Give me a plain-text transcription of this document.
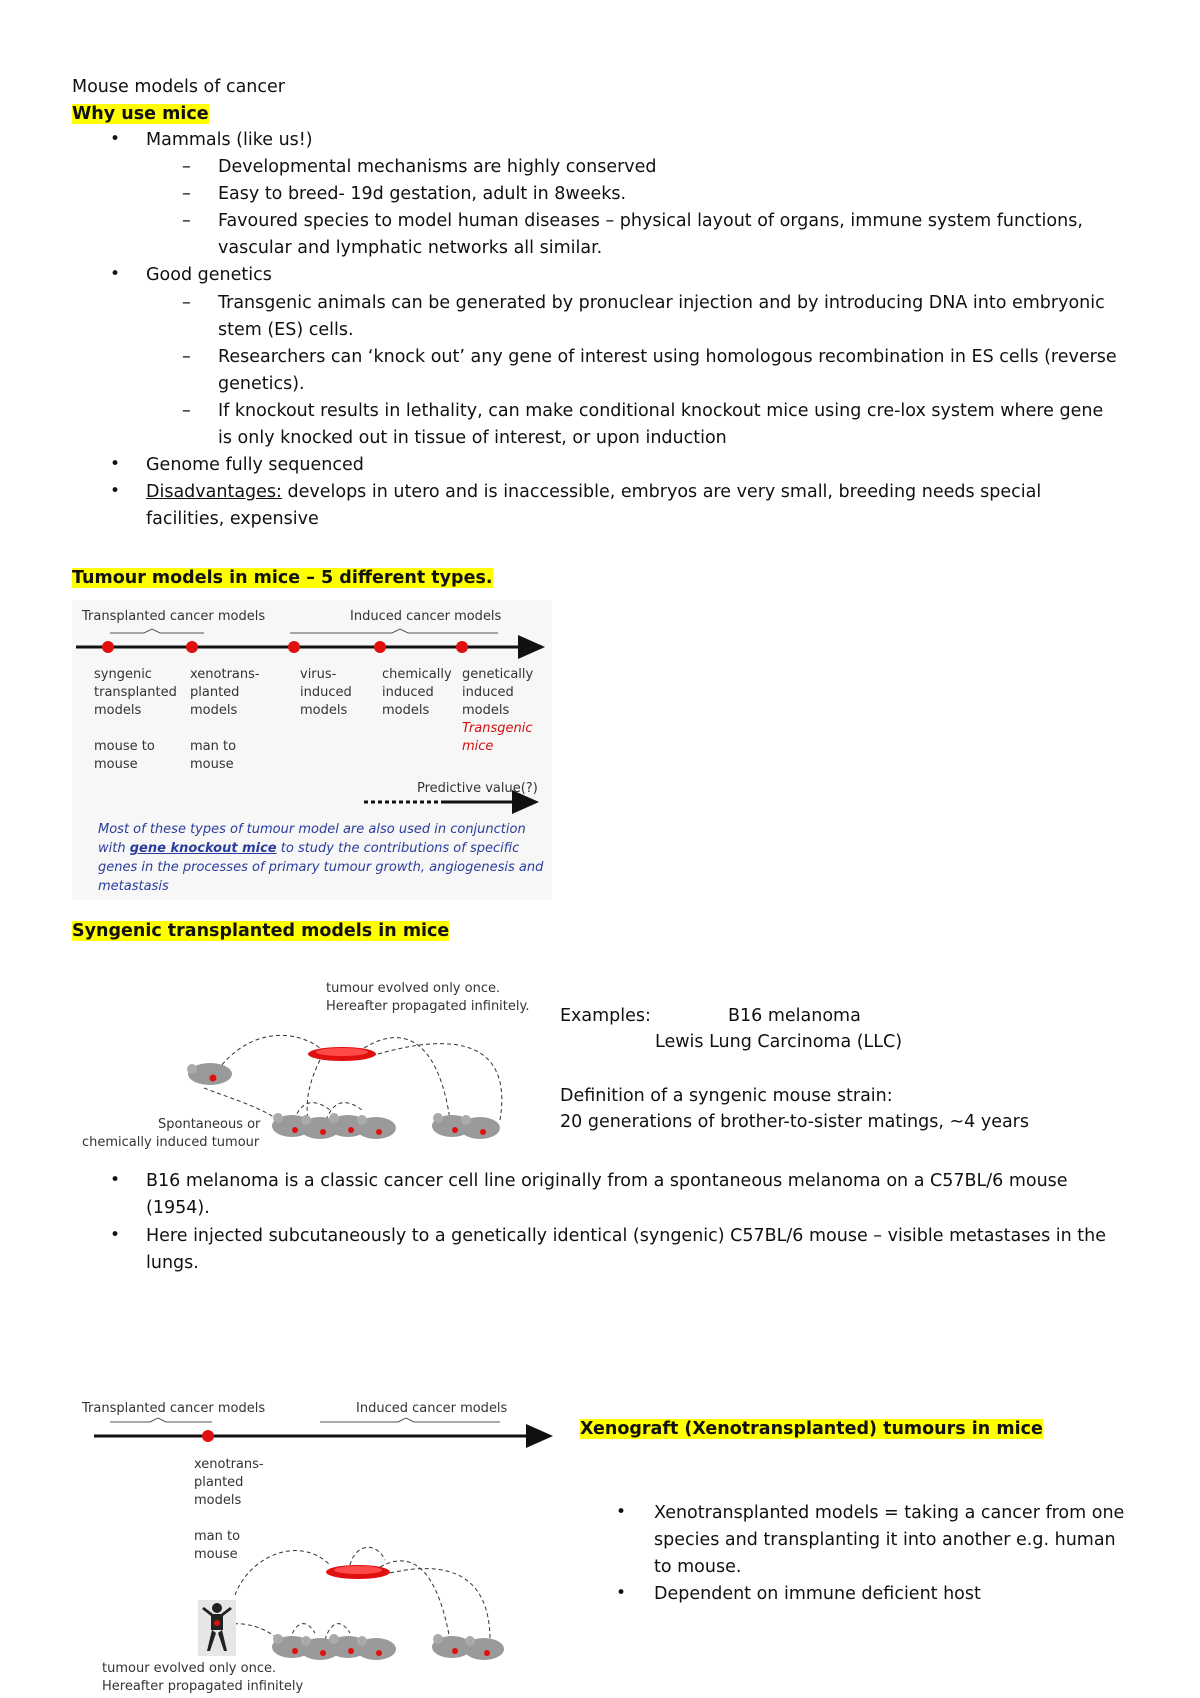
Mouse models of cancer
Why use mice
• Mammals (like us!)
– Developmental mechanisms are highly conserved
– Easy to breed- 19d gestation, adult in 8weeks.
– Favoured species to model human diseases – physical layout of organs, immune system functions,
vascular and lymphatic networks all similar.
• Good genetics
– Transgenic animals can be generated by pronuclear injection and by introducing DNA into embryonic
stem (ES) cells.
– Researchers can ‘knock out’ any gene of interest using homologous recombination in ES cells (reverse
genetics).
– If knockout results in lethality, can make conditional knockout mice using cre-lox system where gene
is only knocked out in tissue of interest, or upon induction
• Genome fully sequenced
• Disadvantages: develops in utero and is inaccessible, embryos are very small, breeding needs special
facilities, expensive
Tumour models in mice – 5 different types.
Transplanted cancer models	Induced cancer models
syngenic
transplanted
models
mouse to
mouse
xenotrans-
planted
models
man to
mouse
virus-
induced
models
chemically
induced
models
genetically
induced
models
Transgenic
mice
Predictive value(?)
Most of these types of tumour model are also used in conjunction
with gene knockout mice to study the contributions of specific
genes in the processes of primary tumour growth, angiogenesis and
metastasis
Syngenic transplanted models in mice
tumour evolved only once.
Hereafter propagated infinitely.
Spontaneous or
chemically induced tumour
Examples:	B16 melanoma
Lewis Lung Carcinoma (LLC)
Definition of a syngenic mouse strain:
20 generations of brother-to-sister matings, ~4 years
• B16 melanoma is a classic cancer cell line originally from a spontaneous melanoma on a C57BL/6 mouse
(1954).
• Here injected subcutaneously to a genetically identical (syngenic) C57BL/6 mouse – visible metastases in the
lungs.
Transplanted cancer models	Induced cancer models
xenotrans-
planted
models
man to
mouse
tumour evolved only once.
Hereafter propagated infinitely
Xenograft (Xenotransplanted) tumours in mice
• Xenotransplanted models = taking a cancer from one
species and transplanting it into another e.g. human
to mouse.
• Dependent on immune deficient host
